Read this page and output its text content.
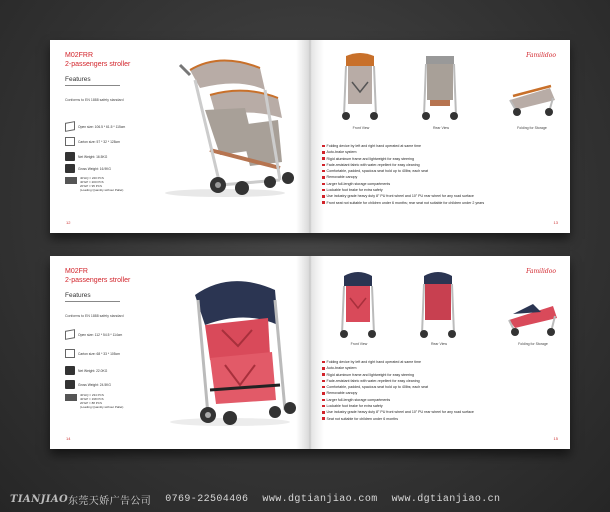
M02FRR
2-passengers stroller
Features
Conforms to EN 1888 safety standard
Open size: 106.5 * 61.5 * 115cm
Carton size: 57 * 32 * 128cm
Net Weight: 16.5KG
Gross Weight: 16.9KG
40'HQ = 220 PCS
40'GP = 200 PCS
20'GP = 95 PCS
(Loading Quantity without Pallet)
12
Familidoo
Front View	Rear View	Folding for Storage
Folding device by left and right hand operated at same time
Auto-brake system
Rigid aluminum frame and lightweight for easy steering
Fade-resistant fabric with water-repellent for easy cleaning
Comfortable, padded, spacious seat hold up to 40lbs; each seat
Removable canopy
Larger full-length storage compartments
Lockable foot brake for extra safety
Use industry grade heavy duty 8" PU front wheel and 10" PU rear wheel for any road surface
Front seat not suitable for children under 6 months; rear seat not suitable for children under 2 years
13
M02FR
2-passengers stroller
Features
Conforms to EN 1888 safety standard
Open size: 112 * 54.5 * 114cm
Carton size: 68 * 33 * 105cm
Net Weight: 22.0KG
Gross Weight: 24.5KG
40'HQ = 234 PCS
40'GP = 198 PCS
20'GP = 88 PCS
(Loading Quantity without Pallet)
14
Familidoo
Front View	Rear View	Folding for Storage
Folding device by left and right hand operated at same time
Auto-brake system
Rigid aluminum frame and lightweight for easy steering
Fade-resistant fabric with water-repellent for easy cleaning
Comfortable, padded, spacious seat hold up to 40lbs; each seat
Removable canopy
Larger full-length storage compartments
Lockable foot brake for extra safety
Use industry grade heavy duty 8" PU front wheel and 10" PU rear wheel for any road surface
Seat not suitable for children under 6 months
15
TIANJIAO 东莞天娇广告公司 0769-22504406 www.dgtianjiao.com www.dgtianjiao.cn
